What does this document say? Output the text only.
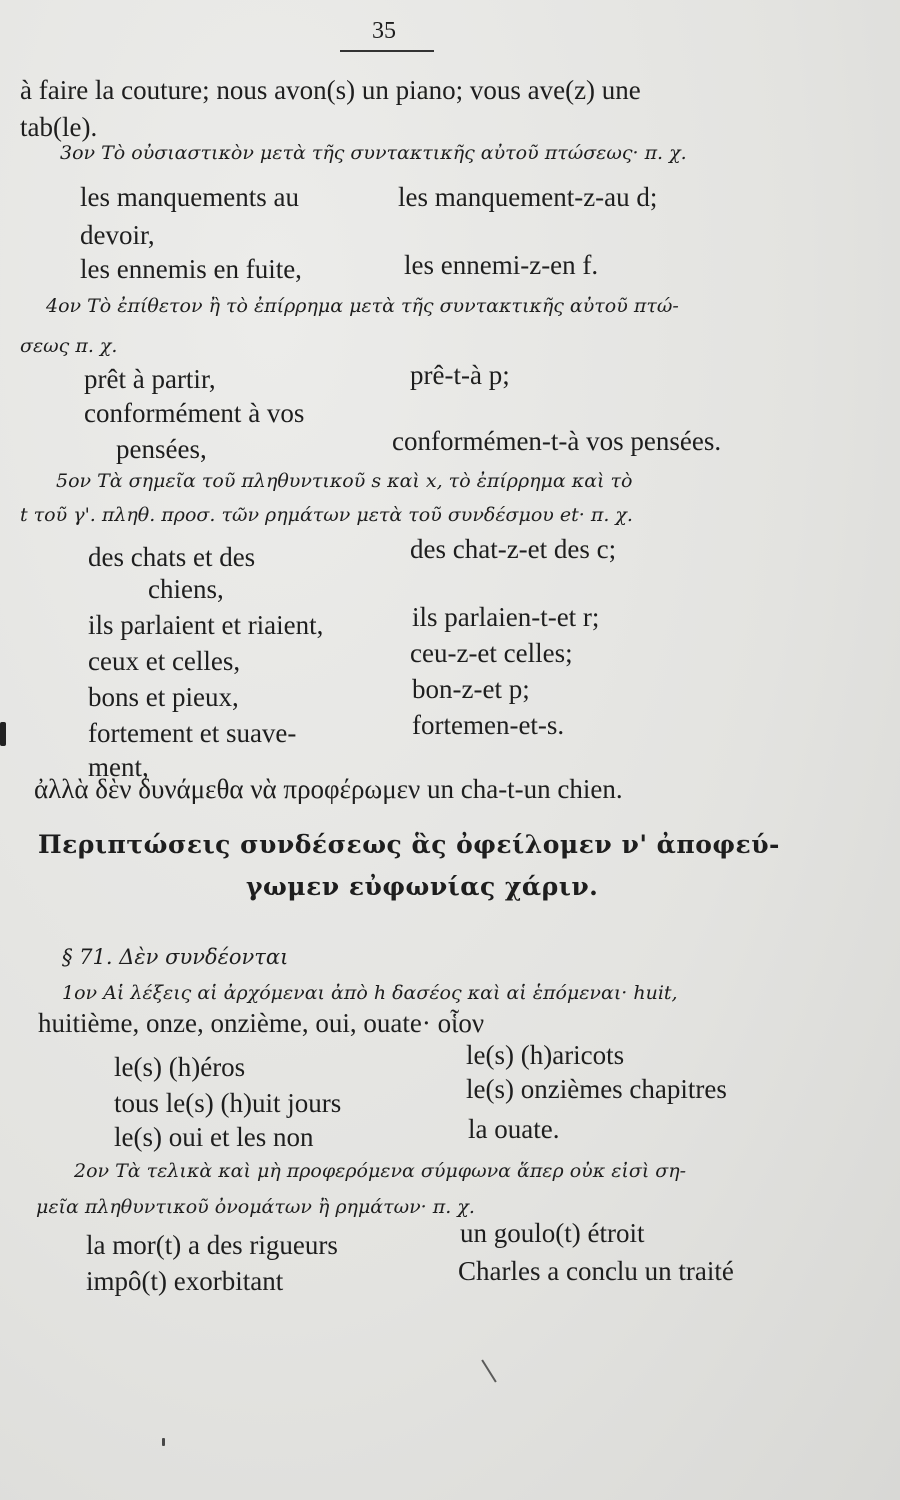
35
à faire la couture; nous avon(s) un piano; vous ave(z) une
tab(le).
3ον Τὸ οὐσιαστικὸν μετὰ τῆς συντακτικῆς αὐτοῦ πτώσεως· π. χ.
les manquements au	les manquement-z-au d;
devoir,
les ennemis en fuite,	les ennemi-z-en f.
4ον Τὸ ἐπίθετον ἢ τὸ ἐπίρρημα μετὰ τῆς συντακτικῆς αὐτοῦ πτώ-
σεως π. χ.
prêt à partir,	prê-t-à p;
conformément à vos
pensées,	conformémen-t-à vos pensées.
5ον Τὰ σημεῖα τοῦ πληθυντικοῦ s καὶ x, τὸ ἐπίρρημα καὶ τὸ
t τοῦ γ'. πληθ. προσ. τῶν ρημάτων μετὰ τοῦ συνδέσμου et· π. χ.
des chats et des	des chat-z-et des c;
chiens,
ils parlaient et riaient,	ils parlaien-t-et r;
ceux et celles,	ceu-z-et celles;
bons et pieux,	bon-z-et p;
fortement et suave-	fortemen-et-s.
ment,
ἀλλὰ δὲν δυνάμεθα νὰ προφέρωμεν un cha-t-un chien.
Περιπτώσεις συνδέσεως ἃς ὀφείλομεν ν' ἀποφεύ-
γωμεν εὐφωνίας χάριν.
§ 71. Δὲν συνδέονται
1ον Αἱ λέξεις αἱ ἀρχόμεναι ἀπὸ h δασέος καὶ αἱ ἑπόμεναι· huit,
huitième, onze, onzième, oui, ouate· οἷον
le(s) (h)éros	le(s) (h)aricots
tous le(s) (h)uit jours	le(s) onzièmes chapitres
le(s) oui et les non	la ouate.
2ον Τὰ τελικὰ καὶ μὴ προφερόμενα σύμφωνα ἅπερ οὐκ εἰσὶ ση-
μεῖα πληθυντικοῦ ὀνομάτων ἢ ρημάτων· π. χ.
la mor(t) a des rigueurs	un goulo(t) étroit
impô(t) exorbitant	Charles a conclu un traité
